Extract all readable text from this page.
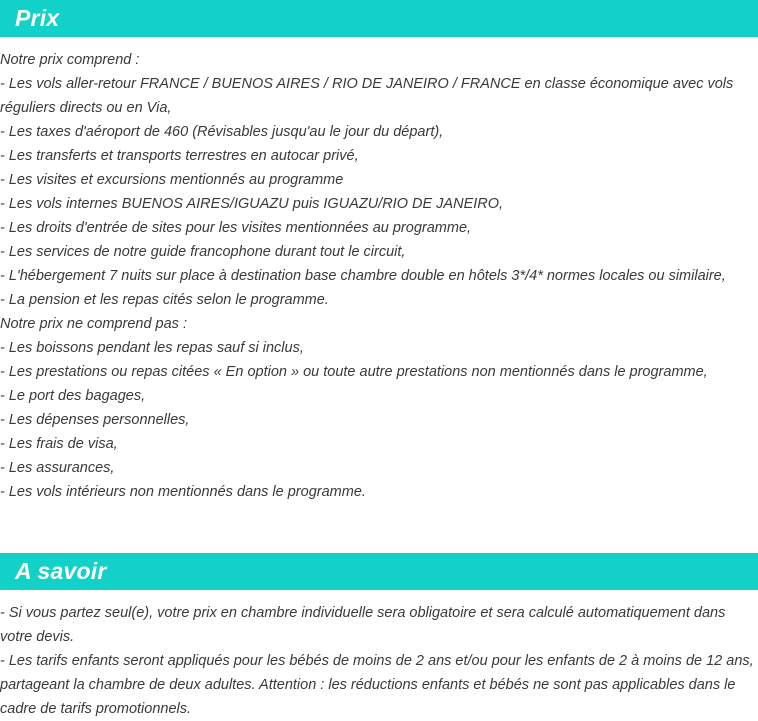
Prix
Notre prix comprend :
- Les vols aller-retour FRANCE / BUENOS AIRES / RIO DE JANEIRO / FRANCE en classe économique avec vols réguliers directs ou en Via,
- Les taxes d'aéroport de 460 (Révisables jusqu'au le jour du départ),
- Les transferts et transports terrestres en autocar privé,
- Les visites et excursions mentionnés au programme
- Les vols internes BUENOS AIRES/IGUAZU puis IGUAZU/RIO DE JANEIRO,
- Les droits d'entrée de sites pour les visites mentionnées au programme,
- Les services de notre guide francophone durant tout le circuit,
- L'hébergement 7 nuits sur place à destination base chambre double en hôtels 3*/4* normes locales ou similaire,
- La pension et les repas cités selon le programme.
Notre prix ne comprend pas :
- Les boissons pendant les repas sauf si inclus,
- Les prestations ou repas citées « En option » ou toute autre prestations non mentionnés dans le programme,
- Le port des bagages,
- Les dépenses personnelles,
- Les frais de visa,
- Les assurances,
- Les vols intérieurs non mentionnés dans le programme.
A savoir

- Si vous partez seul(e), votre prix en chambre individuelle sera obligatoire et sera calculé automatiquement dans votre devis.

- Les tarifs enfants seront appliqués pour les bébés de moins de 2 ans et/ou pour les enfants de 2 à moins de 12 ans, partageant la chambre de deux adultes. Attention : les réductions enfants et bébés ne sont pas applicables dans le cadre de tarifs promotionnels.
